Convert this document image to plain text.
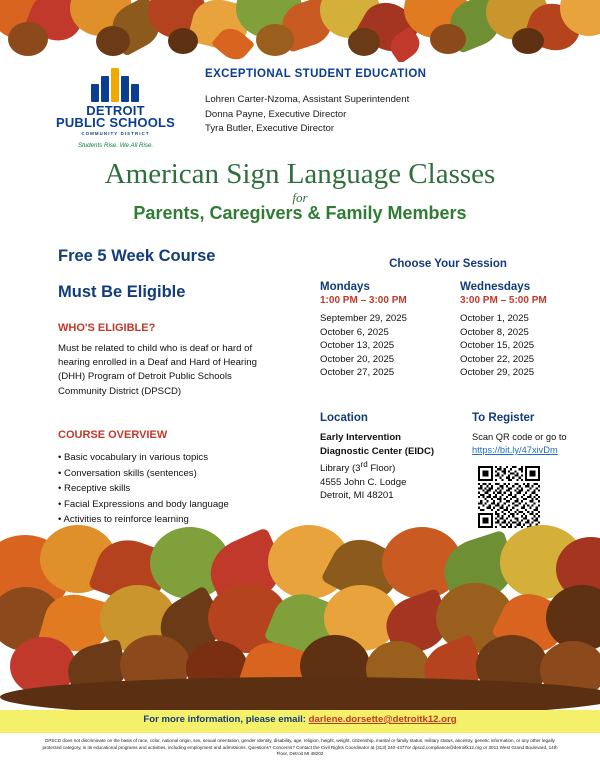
DETROIT
PUBLIC SCHOOLS
COMMUNITY DISTRICT
Students Rise. We All Rise.
EXCEPTIONAL STUDENT EDUCATION
Lohren Carter-Nzoma, Assistant Superintendent
Donna Payne, Executive Director
Tyra Butler, Executive Director
American Sign Language Classes
for
Parents, Caregivers & Family Members
Free 5 Week Course
Must Be Eligible
WHO'S ELIGIBLE?
Must be related to child who is deaf or hard of hearing enrolled in a Deaf and Hard of Hearing (DHH) Program of Detroit Public Schools Community District (DPSCD)
COURSE OVERVIEW
• Basic vocabulary in various topics
• Conversation skills (sentences)
• Receptive skills
• Facial Expressions and body language
• Activities to reinforce learning
Choose Your Session
Mondays
1:00 PM – 3:00 PM
September 29, 2025
October 6, 2025
October 13, 2025
October 20, 2025
October 27, 2025
Wednesdays
3:00 PM – 5:00 PM
October 1, 2025
October 8, 2025
October 15, 2025
October 22, 2025
October 29, 2025
Location
Early Intervention
Diagnostic Center (EIDC)
Library (3rd Floor)
4555 John C. Lodge
Detroit, MI 48201
To Register
Scan QR code or go to
https://bit.ly/47xivDm
For more information, please email: darlene.dorsette@detroitk12.org
DPSCD does not discriminate on the basis of race, color, national origin, sex, sexual orientation, gender identity, disability, age, religion, height, weight, citizenship, marital or family status, military status, ancestry, genetic information, or any other legally protected category, in its educational programs and activities, including employment and admissions. Questions? Concerns? Contact the Civil Rights Coordinator at (313) 240-4377or dpscd.compliance@detroitk12.org or 3011 West Grand Boulevard, 14th Floor, Detroit MI 48202
